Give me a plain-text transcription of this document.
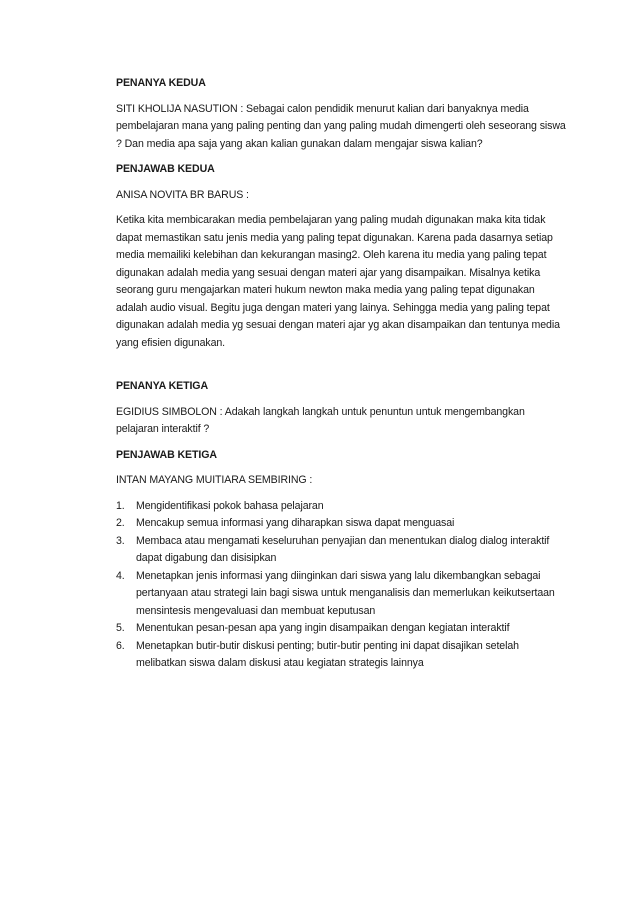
PENANYA KEDUA

SITI KHOLIJA NASUTION : Sebagai calon pendidik menurut kalian dari banyaknya media pembelajaran mana yang paling penting dan yang paling mudah dimengerti oleh seseorang siswa ? Dan media apa saja yang akan kalian gunakan dalam mengajar siswa kalian?

PENJAWAB KEDUA

ANISA NOVITA BR BARUS :

Ketika kita membicarakan media pembelajaran yang paling mudah digunakan maka kita tidak dapat memastikan satu jenis media yang paling tepat digunakan. Karena pada dasarnya setiap media memailiki kelebihan dan kekurangan masing2. Oleh karena itu media yang paling tepat digunakan adalah media yang sesuai dengan materi ajar yang disampaikan. Misalnya ketika seorang guru mengajarkan materi hukum newton maka media yang paling tepat digunakan adalah audio visual. Begitu juga dengan materi yang lainya. Sehingga media yang paling tepat digunakan adalah media yg sesuai dengan materi ajar yg akan disampaikan dan tentunya media yang efisien digunakan.

PENANYA KETIGA

EGIDIUS SIMBOLON : Adakah langkah langkah untuk penuntun untuk mengembangkan pelajaran interaktif ?

PENJAWAB KETIGA

INTAN MAYANG MUITIARA SEMBIRING :

1. Mengidentifikasi pokok bahasa pelajaran
2. Mencakup semua informasi yang diharapkan siswa dapat menguasai
3. Membaca atau mengamati keseluruhan penyajian dan menentukan dialog dialog interaktif dapat digabung dan disisipkan
4. Menetapkan jenis informasi yang diinginkan dari siswa yang lalu dikembangkan sebagai pertanyaan atau strategi lain bagi siswa untuk menganalisis dan memerlukan keikutsertaan mensintesis mengevaluasi dan membuat keputusan
5. Menentukan pesan-pesan apa yang ingin disampaikan dengan kegiatan interaktif
6. Menetapkan butir-butir diskusi penting; butir-butir penting ini dapat disajikan setelah melibatkan siswa dalam diskusi atau kegiatan strategis lainnya
